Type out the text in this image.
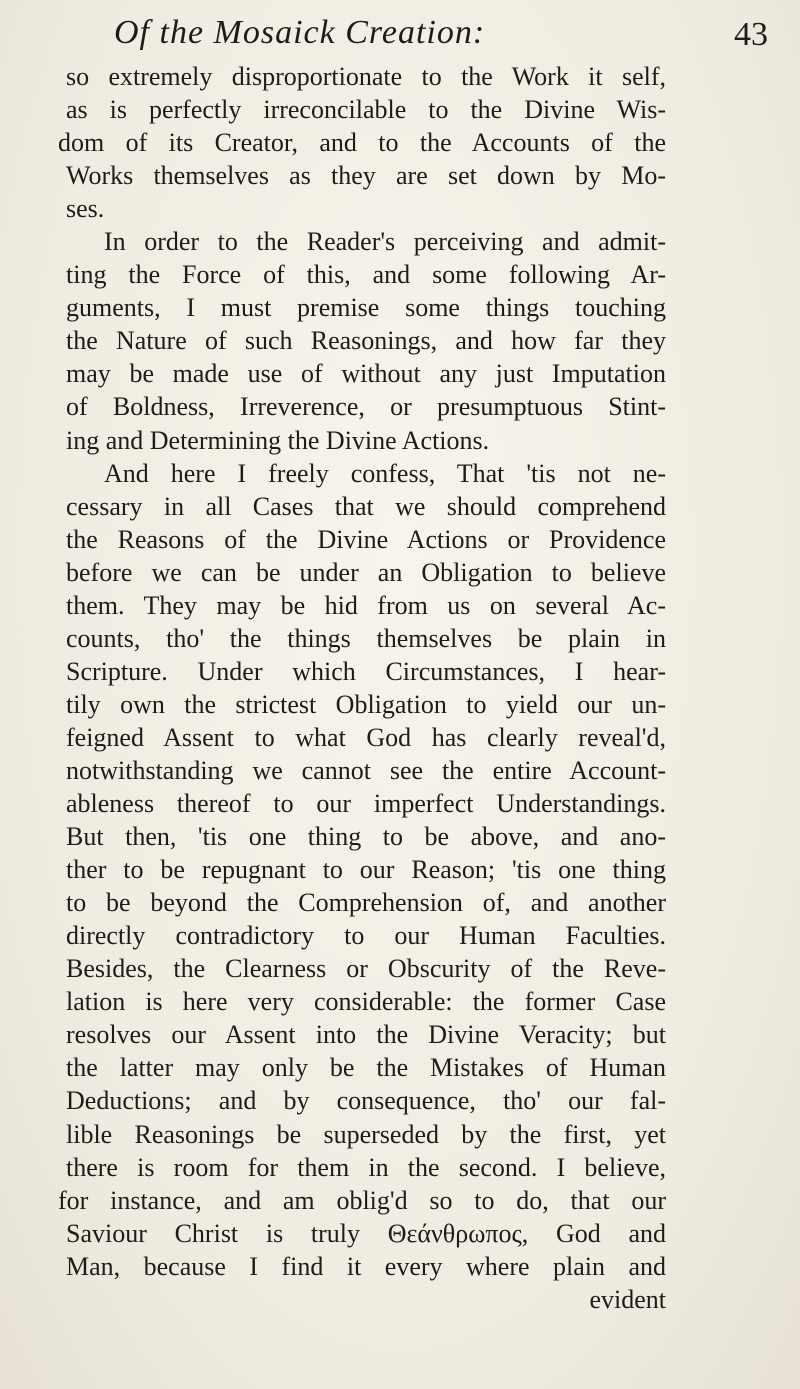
Of the Mosaick Creation:	43
so extremely disproportionate to the Work it self,
as is perfectly irreconcilable to the Divine Wis-
dom of its Creator, and to the Accounts of the
Works themselves as they are set down by Mo-
ses.
In order to the Reader's perceiving and admit-
ting the Force of this, and some following Ar-
guments, I must premise some things touching
the Nature of such Reasonings, and how far they
may be made use of without any just Imputation
of Boldness, Irreverence, or presumptuous Stint-
ing and Determining the Divine Actions.
And here I freely confess, That 'tis not ne-
cessary in all Cases that we should comprehend
the Reasons of the Divine Actions or Providence
before we can be under an Obligation to believe
them. They may be hid from us on several Ac-
counts, tho' the things themselves be plain in
Scripture. Under which Circumstances, I hear-
tily own the strictest Obligation to yield our un-
feigned Assent to what God has clearly reveal'd,
notwithstanding we cannot see the entire Account-
ableness thereof to our imperfect Understandings.
But then, 'tis one thing to be above, and ano-
ther to be repugnant to our Reason; 'tis one thing
to be beyond the Comprehension of, and another
directly contradictory to our Human Faculties.
Besides, the Clearness or Obscurity of the Reve-
lation is here very considerable: the former Case
resolves our Assent into the Divine Veracity; but
the latter may only be the Mistakes of Human
Deductions; and by consequence, tho' our fal-
lible Reasonings be superseded by the first, yet
there is room for them in the second. I believe,
for instance, and am oblig'd so to do, that our
Saviour Christ is truly Θεάνθρωπος, God and
Man, because I find it every where plain and
evident
